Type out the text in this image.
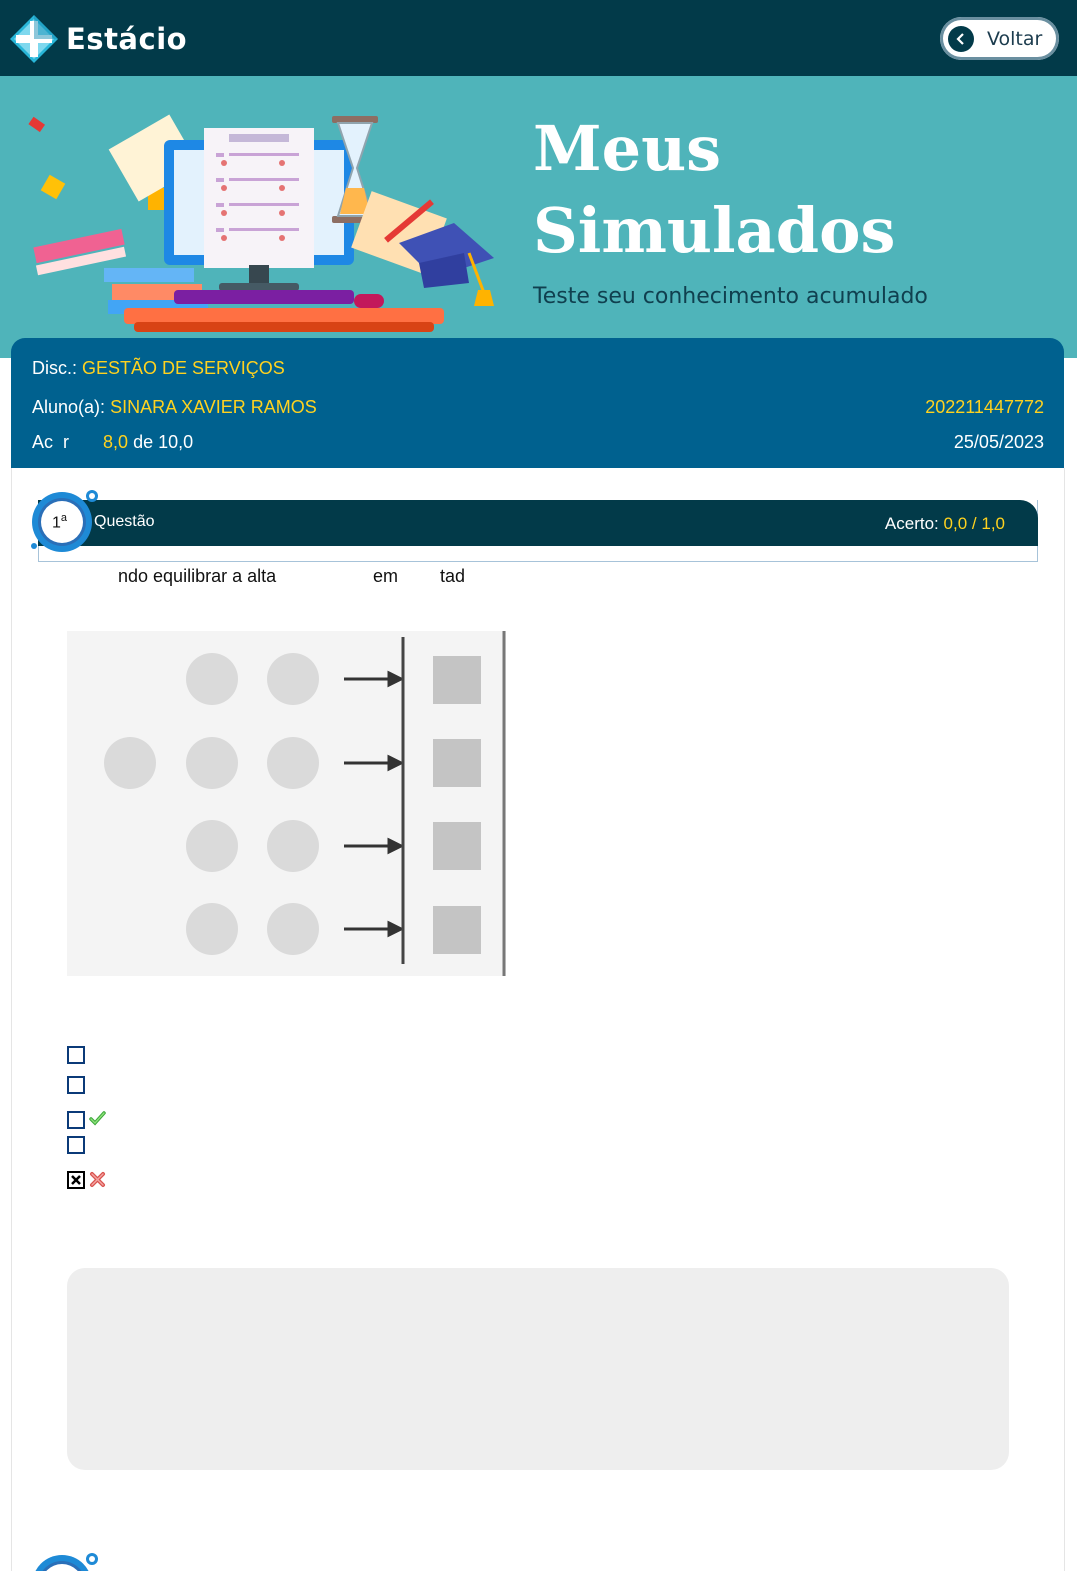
Estácio	Voltar
Meus
Simulados
Teste seu conhecimento acumulado
Disc.: GESTÃO DE SERVIÇOS
Aluno(a): SINARA XAVIER RAMOS	202211447772
Ac  r 8,0 de 10,0	25/05/2023
Questão	Acerto: 0,0 / 1,0
1$^a$
ndo equilibrar a alta	em tad
